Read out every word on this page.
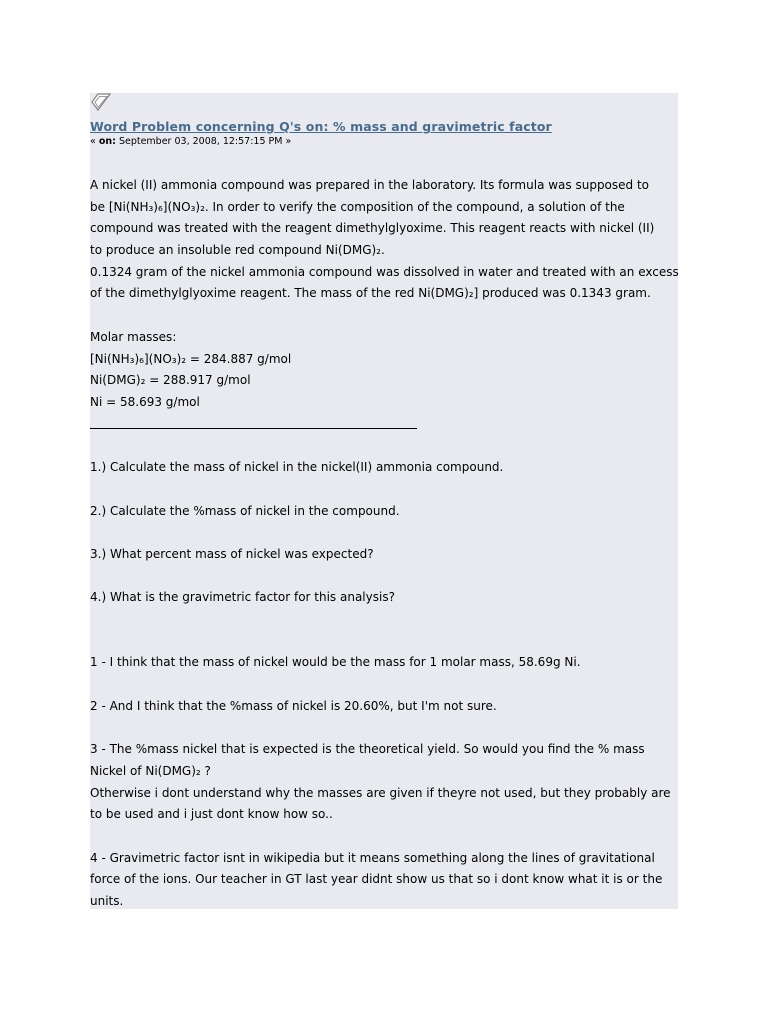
Word Problem concerning Q's on: % mass and gravimetric factor
« on: September 03, 2008, 12:57:15 PM »
A nickel (II) ammonia compound was prepared in the laboratory. Its formula was supposed to
be [Ni(NH₃)₆](NO₃)₂. In order to verify the composition of the compound, a solution of the
compound was treated with the reagent dimethylglyoxime. This reagent reacts with nickel (II)
to produce an insoluble red compound Ni(DMG)₂.
0.1324 gram of the nickel ammonia compound was dissolved in water and treated with an excess
of the dimethylglyoxime reagent. The mass of the red Ni(DMG)₂] produced was 0.1343 gram.
Molar masses:
[Ni(NH₃)₆](NO₃)₂ = 284.887 g/mol
Ni(DMG)₂ = 288.917 g/mol
Ni = 58.693 g/mol
1.) Calculate the mass of nickel in the nickel(II) ammonia compound.
2.) Calculate the %mass of nickel in the compound.
3.) What percent mass of nickel was expected?
4.) What is the gravimetric factor for this analysis?
1 - I think that the mass of nickel would be the mass for 1 molar mass, 58.69g Ni.
2 - And I think that the %mass of nickel is 20.60%, but I'm not sure.
3 - The %mass nickel that is expected is the theoretical yield. So would you find the % mass
Nickel of Ni(DMG)₂ ?
Otherwise i dont understand why the masses are given if theyre not used, but they probably are
to be used and i just dont know how so..
4 - Gravimetric factor isnt in wikipedia but it means something along the lines of gravitational
force of the ions. Our teacher in GT last year didnt show us that so i dont know what it is or the
units.
